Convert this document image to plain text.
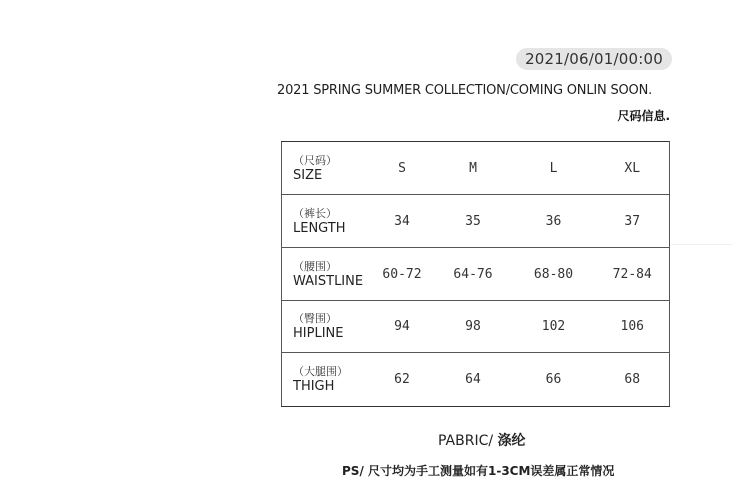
2021/06/01/00:00
2021 SPRING SUMMER COLLECTION/COMING ONLIN SOON.
尺码信息.
（尺码）
SIZE	S	M	L	XL

（裤长）
LENGTH	34	35	36	37

（腰围）
WAISTLINE	60-72	64-76	68-80	72-84

（臀围）
HIPLINE	94	98	102	106

（大腿围）
THIGH	62	64	66	68
PABRIC/ 涤纶
PS/ 尺寸均为手工测量如有1-3CM误差属正常情况
